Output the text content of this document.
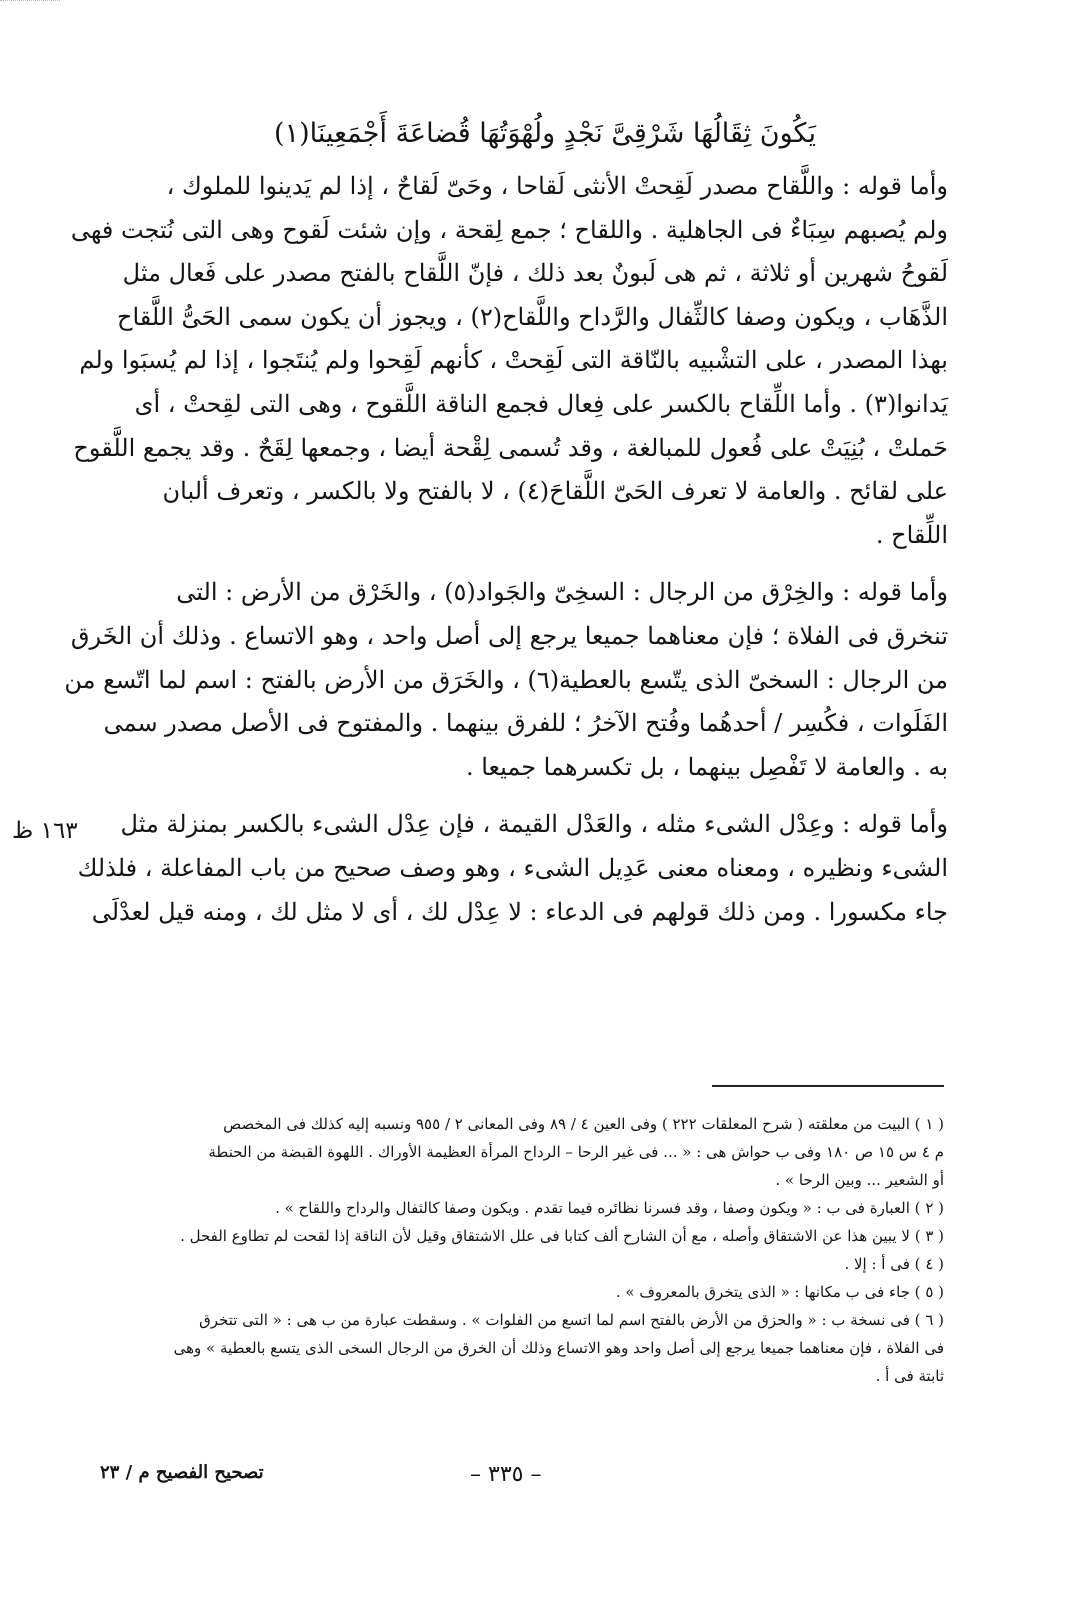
يَكُونَ ثِقَالُهَا شَرْقِىَّ نَجْدٍ ولُهْوَتُهَا قُضاعَةَ أَجْمَعِينَا(١)

وأما قوله : واللَّقاح مصدر لَقِحتْ الأنثى لَقاحا ، وحَىّ لَقاحٌ ، إذا لم يَدينوا للملوك ،
ولم يُصبهم سِبَاءٌ فى الجاهلية . واللقاح ؛ جمع لِقحة ، وإن شئت لَقوح وهى التى نُتجت فهى
لَقوحُ شهرين أو ثلاثة ، ثم هى لَبونٌ بعد ذلك ، فإنّ اللَّقاح بالفتح مصدر على فَعال مثل
الذَّهَاب ، ويكون وصفا كالثِّفال والرَّداح واللَّقاح(٢) ، ويجوز أن يكون سمى الحَىُّ اللَّقاح
بهذا المصدر ، على التشْبيه بالنّاقة التى لَقِحتْ ، كأنهم لَقِحوا ولم يُنتَجوا ، إذا لم يُسبَوا ولم
يَدانوا(٣) . وأما اللِّقاح بالكسر على فِعال فجمع الناقة اللَّقوح ، وهى التى لقِحتْ ، أى
حَملتْ ، بُنِيَتْ على فُعول للمبالغة ، وقد تُسمى لِقْحة أيضا ، وجمعها لِقَحٌ . وقد يجمع اللَّقوح
على لقائح . والعامة لا تعرف الحَىّ اللَّقاحَ(٤) ، لا بالفتح ولا بالكسر ، وتعرف ألبان
اللِّقاح .

وأما قوله : والخِرْق من الرجال : السخِىّ والجَواد(٥) ، والخَرْق من الأرض : التى
تنخرق فى الفلاة ؛ فإن معناهما جميعا يرجع إلى أصل واحد ، وهو الاتساع . وذلك أن الخَرق
من الرجال : السخىّ الذى يتّسع بالعطية(٦) ، والخَرَق من الأرض بالفتح : اسم لما اتّسع من
الفَلَوات ، فكُسِر / أحدهُما وفُتح الآخرُ ؛ للفرق بينهما . والمفتوح فى الأصل مصدر سمى
به . والعامة لا تَفْصِل بينهما ، بل تكسرهما جميعا .

وأما قوله : وعِدْل الشىء مثله ، والعَدْل القيمة ، فإن عِدْل الشىء بالكسر بمنزلة مثل
الشىء ونظيره ، ومعناه معنى عَدِيل الشىء ، وهو وصف صحيح من باب المفاعلة ، فلذلك
جاء مكسورا . ومن ذلك قولهم فى الدعاء : لا عِدْل لك ، أى لا مثل لك ، ومنه قيل لعدْلَى

١٦٣ ظ
( ١ ) البيت من معلقته ( شرح المعلقات ٢٢٢ ) وفى العين ٤ / ٨٩ وفى المعانى ٢ / ٩٥٥ ونسبه إليه كذلك فى المخصص
م ٤ س ١٥ ص ١٨٠ وفى ب حواش هى : « ... فى غير الرحا – الرداح المرأة العظيمة الأوراك . اللهوة القبضة من الحنطة
أو الشعير ... وبين الرحا » .
( ٢ ) العبارة فى ب : « ويكون وصفا ، وقد فسرنا نظائره فيما تقدم . ويكون وصفا كالثفال والرداح واللقاح » .
( ٣ ) لا يبين هذا عن الاشتقاق وأصله ، مع أن الشارح ألف كتابا فى علل الاشتقاق وقيل لأن الناقة إذا لقحت لم تطاوع الفحل .
( ٤ ) فى أ : إلا .
( ٥ ) جاء فى ب مكانها : « الذى يتخرق بالمعروف » .
( ٦ ) فى نسخة ب : « والحزق من الأرض بالفتح اسم لما اتسع من الفلوات » . وسقطت عبارة من ب هى : « التى تتخرق
فى الفلاة ، فإن معناهما جميعا يرجع إلى أصل واحد وهو الاتساع وذلك أن الخرق من الرجال السخى الذى يتسع بالعطية » وهى
ثابتة فى أ .
– ٣٣٥ –
تصحيح الفصيح م / ٢٣
